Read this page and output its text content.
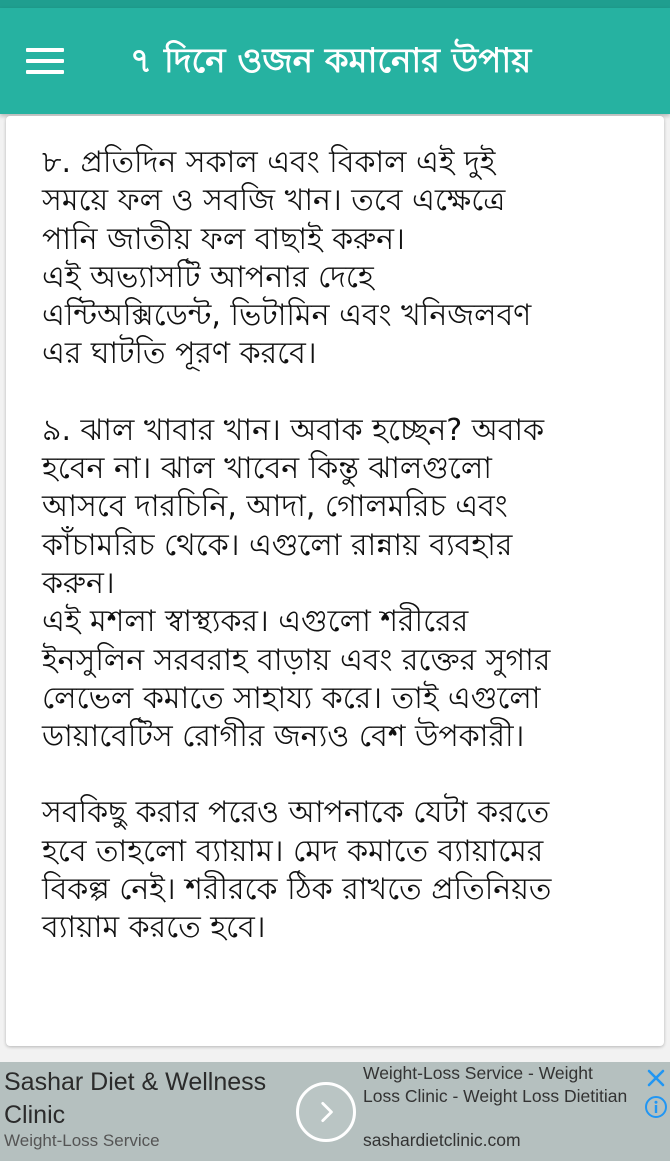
৭ দিনে ওজন কমানোর উপায়

৮. প্রতিদিন সকাল এবং বিকাল এই দুই
সময়ে ফল ও সবজি খান। তবে এক্ষেত্রে
পানি জাতীয় ফল বাছাই করুন।
এই অভ্যাসটি আপনার দেহে
এন্টিঅক্সিডেন্ট, ভিটামিন এবং খনিজলবণ
এর ঘাটতি পূরণ করবে।

৯. ঝাল খাবার খান। অবাক হচ্ছেন? অবাক
হবেন না। ঝাল খাবেন কিন্তু ঝালগুলো
আসবে দারচিনি, আদা, গোলমরিচ এবং
কাঁচামরিচ থেকে। এগুলো রান্নায় ব্যবহার
করুন।
এই মশলা স্বাস্থ্যকর। এগুলো শরীরের
ইনসুলিন সরবরাহ বাড়ায় এবং রক্তের সুগার
লেভেল কমাতে সাহায্য করে। তাই এগুলো
ডায়াবেটিস রোগীর জন্যও বেশ উপকারী।

সবকিছু করার পরেও আপনাকে যেটা করতে
হবে তাহলো ব্যায়াম। মেদ কমাতে ব্যায়ামের
বিকল্প নেই। শরীরকে ঠিক রাখতে প্রতিনিয়ত
ব্যায়াম করতে হবে।

Sashar Diet & Wellness Clinic
Weight-Loss Service
Weight-Loss Service - Weight Loss Clinic - Weight Loss Dietitian
sashardietclinic.com
